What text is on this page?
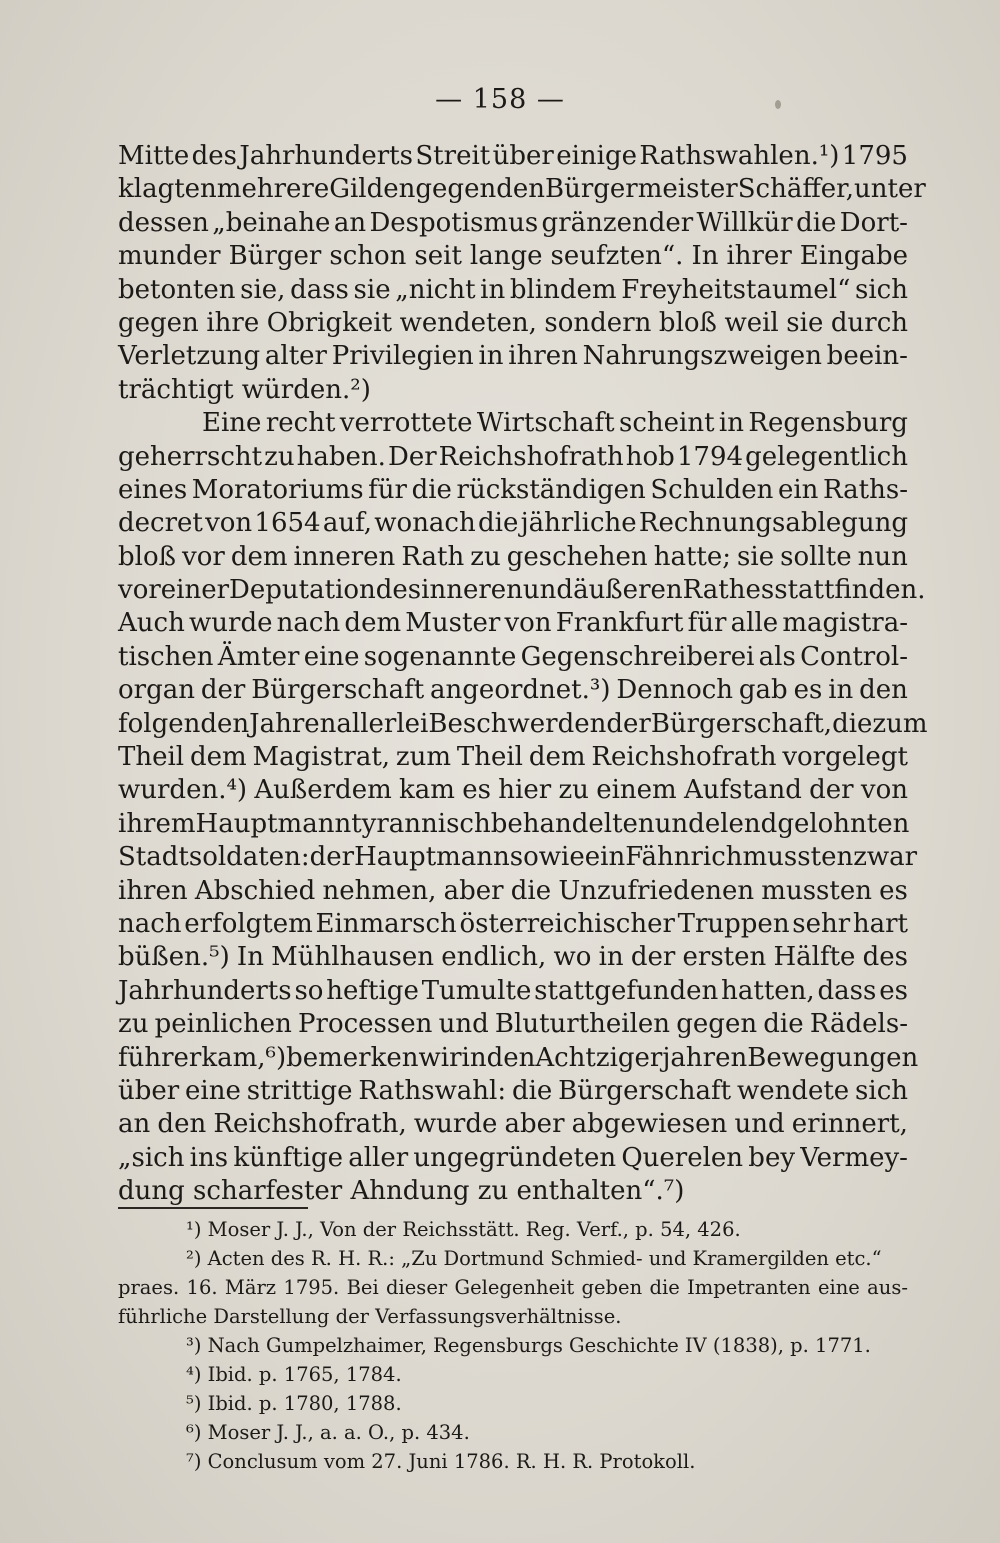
— 158 —
Mitte des Jahrhunderts Streit über einige Rathswahlen.¹) 1795
klagten mehrere Gilden gegen den Bürgermeister Schäffer, unter
dessen „beinahe an Despotismus gränzender Willkür die Dort-
munder Bürger schon seit lange seufzten“. In ihrer Eingabe
betonten sie, dass sie „nicht in blindem Freyheitstaumel“ sich
gegen ihre Obrigkeit wendeten, sondern bloß weil sie durch
Verletzung alter Privilegien in ihren Nahrungszweigen beein-
trächtigt würden.²)
Eine recht verrottete Wirtschaft scheint in Regensburg
geherrscht zu haben. Der Reichshofrath hob 1794 gelegentlich
eines Moratoriums für die rückständigen Schulden ein Raths-
decret von 1654 auf, wonach die jährliche Rechnungsablegung
bloß vor dem inneren Rath zu geschehen hatte; sie sollte nun
vor einer Deputation des inneren und äußeren Rathes stattfinden.
Auch wurde nach dem Muster von Frankfurt für alle magistra-
tischen Ämter eine sogenannte Gegenschreiberei als Control-
organ der Bürgerschaft angeordnet.³) Dennoch gab es in den
folgenden Jahren allerlei Beschwerden der Bürgerschaft, die zum
Theil dem Magistrat, zum Theil dem Reichshofrath vorgelegt
wurden.⁴) Außerdem kam es hier zu einem Aufstand der von
ihrem Hauptmann tyrannisch behandelten und elend gelohnten
Stadtsoldaten: der Hauptmann sowie ein Fähnrich mussten zwar
ihren Abschied nehmen, aber die Unzufriedenen mussten es
nach erfolgtem Einmarsch österreichischer Truppen sehr hart
büßen.⁵) In Mühlhausen endlich, wo in der ersten Hälfte des
Jahrhunderts so heftige Tumulte stattgefunden hatten, dass es
zu peinlichen Processen und Bluturtheilen gegen die Rädels-
führer kam,⁶) bemerken wir in den Achtzigerjahren Bewegungen
über eine strittige Rathswahl: die Bürgerschaft wendete sich
an den Reichshofrath, wurde aber abgewiesen und erinnert,
„sich ins künftige aller ungegründeten Querelen bey Vermey-
dung scharfester Ahndung zu enthalten“.⁷)
¹) Moser J. J., Von der Reichsstätt. Reg. Verf., p. 54, 426.
²) Acten des R. H. R.: „Zu Dortmund Schmied- und Kramergilden etc.“
praes. 16. März 1795. Bei dieser Gelegenheit geben die Impetranten eine aus-
führliche Darstellung der Verfassungsverhältnisse.
³) Nach Gumpelzhaimer, Regensburgs Geschichte IV (1838), p. 1771.
⁴) Ibid. p. 1765, 1784.
⁵) Ibid. p. 1780, 1788.
⁶) Moser J. J., a. a. O., p. 434.
⁷) Conclusum vom 27. Juni 1786. R. H. R. Protokoll.
